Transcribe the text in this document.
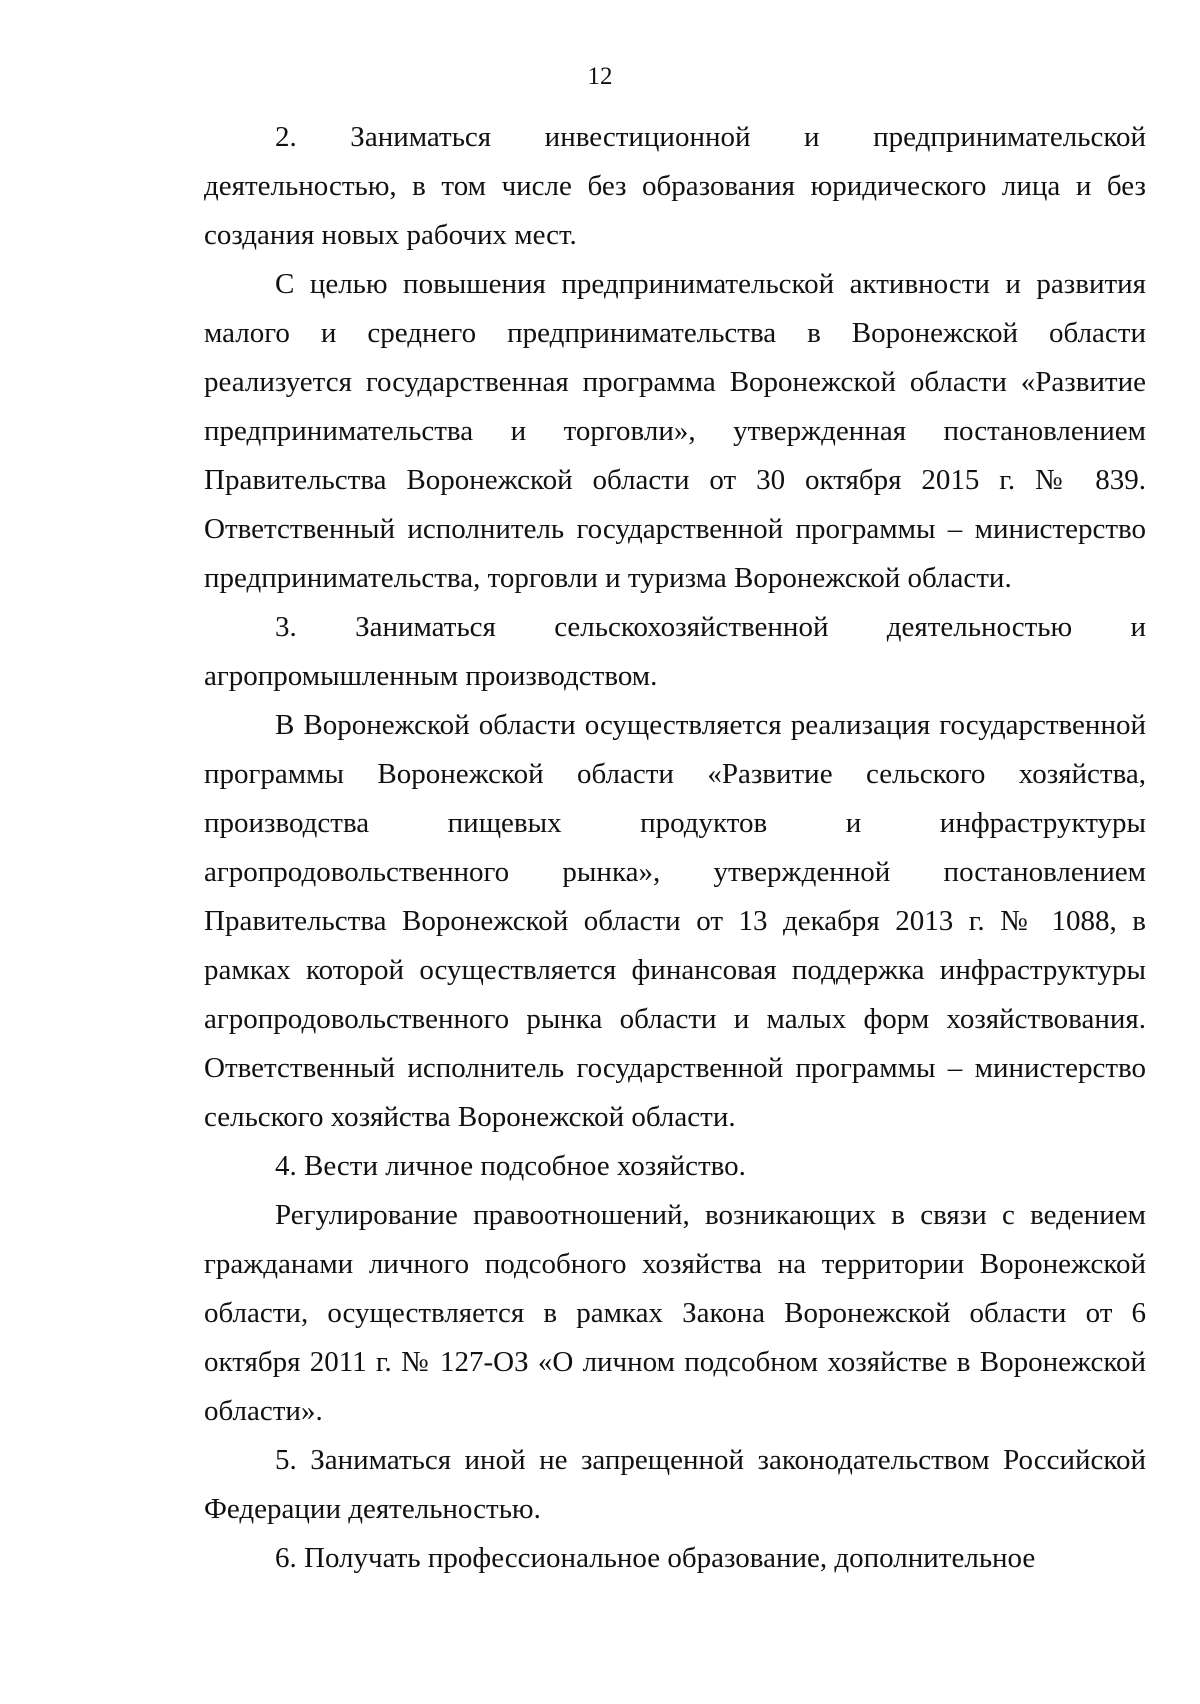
12

2. Заниматься инвестиционной и предпринимательской деятельностью, в том числе без образования юридического лица и без создания новых рабочих мест.

С целью повышения предпринимательской активности и развития малого и среднего предпринимательства в Воронежской области реализуется государственная программа Воронежской области «Развитие предпринимательства и торговли», утвержденная постановлением Правительства Воронежской области от 30 октября 2015 г. № 839. Ответственный исполнитель государственной программы – министерство предпринимательства, торговли и туризма Воронежской области.

3. Заниматься сельскохозяйственной деятельностью и агропромышленным производством.

В Воронежской области осуществляется реализация государственной программы Воронежской области «Развитие сельского хозяйства, производства пищевых продуктов и инфраструктуры агропродовольственного рынка», утвержденной постановлением Правительства Воронежской области от 13 декабря 2013 г. № 1088, в рамках которой осуществляется финансовая поддержка инфраструктуры агропродовольственного рынка области и малых форм хозяйствования. Ответственный исполнитель государственной программы – министерство сельского хозяйства Воронежской области.

4. Вести личное подсобное хозяйство.

Регулирование правоотношений, возникающих в связи с ведением гражданами личного подсобного хозяйства на территории Воронежской области, осуществляется в рамках Закона Воронежской области от 6 октября 2011 г. № 127-ОЗ «О личном подсобном хозяйстве в Воронежской области».

5. Заниматься иной не запрещенной законодательством Российской Федерации деятельностью.

6. Получать профессиональное образование, дополнительное
